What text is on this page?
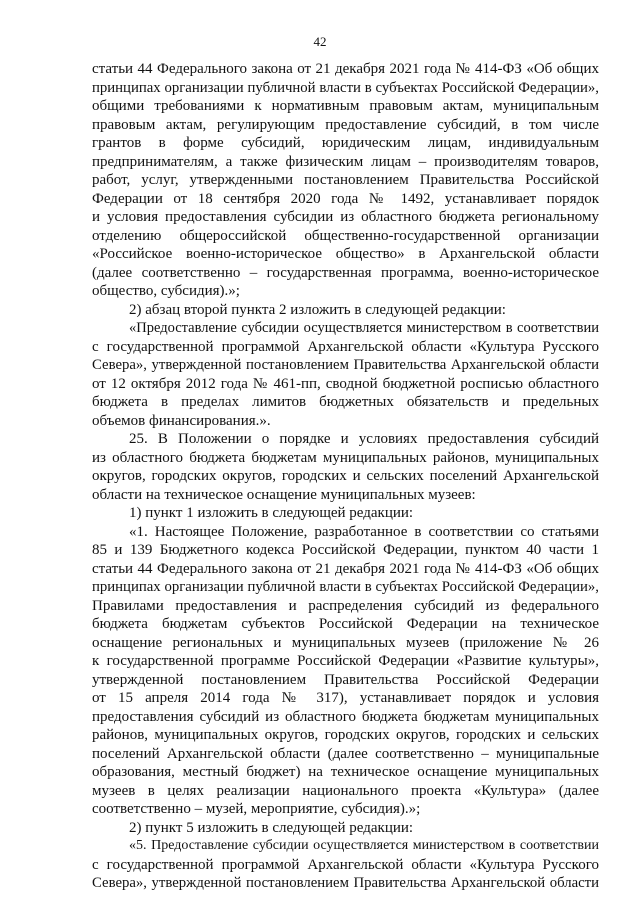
42
статьи 44 Федерального закона от 21 декабря 2021 года № 414-ФЗ «Об общих
принципах организации публичной власти в субъектах Российской Федерации»,
общими требованиями к нормативным правовым актам, муниципальным
правовым актам, регулирующим предоставление субсидий, в том числе
грантов в форме субсидий, юридическим лицам, индивидуальным
предпринимателям, а также физическим лицам – производителям товаров,
работ, услуг, утвержденными постановлением Правительства Российской
Федерации от 18 сентября 2020 года № 1492, устанавливает порядок
и условия предоставления субсидии из областного бюджета региональному
отделению общероссийской общественно-государственной организации
«Российское военно-историческое общество» в Архангельской области
(далее соответственно – государственная программа, военно-историческое
общество, субсидия).»;
2) абзац второй пункта 2 изложить в следующей редакции:
«Предоставление субсидии осуществляется министерством в соответствии
с государственной программой Архангельской области «Культура Русского
Севера», утвержденной постановлением Правительства Архангельской области
от 12 октября 2012 года № 461-пп, сводной бюджетной росписью областного
бюджета в пределах лимитов бюджетных обязательств и предельных
объемов финансирования.».
25. В Положении о порядке и условиях предоставления субсидий
из областного бюджета бюджетам муниципальных районов, муниципальных
округов, городских округов, городских и сельских поселений Архангельской
области на техническое оснащение муниципальных музеев:
1) пункт 1 изложить в следующей редакции:
«1. Настоящее Положение, разработанное в соответствии со статьями
85 и 139 Бюджетного кодекса Российской Федерации, пунктом 40 части 1
статьи 44 Федерального закона от 21 декабря 2021 года № 414-ФЗ «Об общих
принципах организации публичной власти в субъектах Российской Федерации»,
Правилами предоставления и распределения субсидий из федерального
бюджета бюджетам субъектов Российской Федерации на техническое
оснащение региональных и муниципальных музеев (приложение № 26
к государственной программе Российской Федерации «Развитие культуры»,
утвержденной постановлением Правительства Российской Федерации
от 15 апреля 2014 года № 317), устанавливает порядок и условия
предоставления субсидий из областного бюджета бюджетам муниципальных
районов, муниципальных округов, городских округов, городских и сельских
поселений Архангельской области (далее соответственно – муниципальные
образования, местный бюджет) на техническое оснащение муниципальных
музеев в целях реализации национального проекта «Культура» (далее
соответственно – музей, мероприятие, субсидия).»;
2) пункт 5 изложить в следующей редакции:
«5. Предоставление субсидии осуществляется министерством в соответствии
с государственной программой Архангельской области «Культура Русского
Севера», утвержденной постановлением Правительства Архангельской области
